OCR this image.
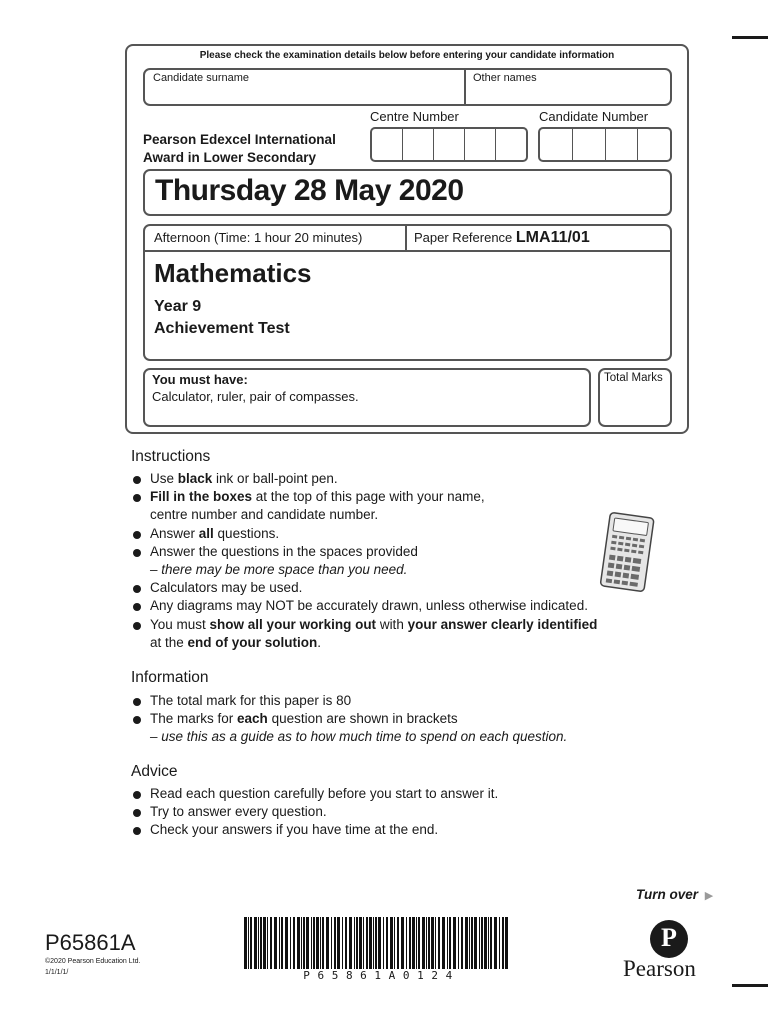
Please check the examination details below before entering your candidate information
Candidate surname	Other names
Centre Number	Candidate Number
Pearson Edexcel International
Award in Lower Secondary
Thursday 28 May 2020
Afternoon (Time: 1 hour 20 minutes)	Paper Reference LMA11/01
Mathematics
Year 9
Achievement Test
You must have:
Calculator, ruler, pair of compasses.
Total Marks
Instructions
Use black ink or ball-point pen.
Fill in the boxes at the top of this page with your name,
centre number and candidate number.
Answer all questions.
Answer the questions in the spaces provided
– there may be more space than you need.
Calculators may be used.
Any diagrams may NOT be accurately drawn, unless otherwise indicated.
You must show all your working out with your answer clearly identified
at the end of your solution.
Information
The total mark for this paper is 80
The marks for each question are shown in brackets
– use this as a guide as to how much time to spend on each question.
Advice
Read each question carefully before you start to answer it.
Try to answer every question.
Check your answers if you have time at the end.
Turn over ▶
P65861A
©2020 Pearson Education Ltd.
1/1/1/1/	P 6 5 8 6 1 A 0 1 2 4
P
Pearson
